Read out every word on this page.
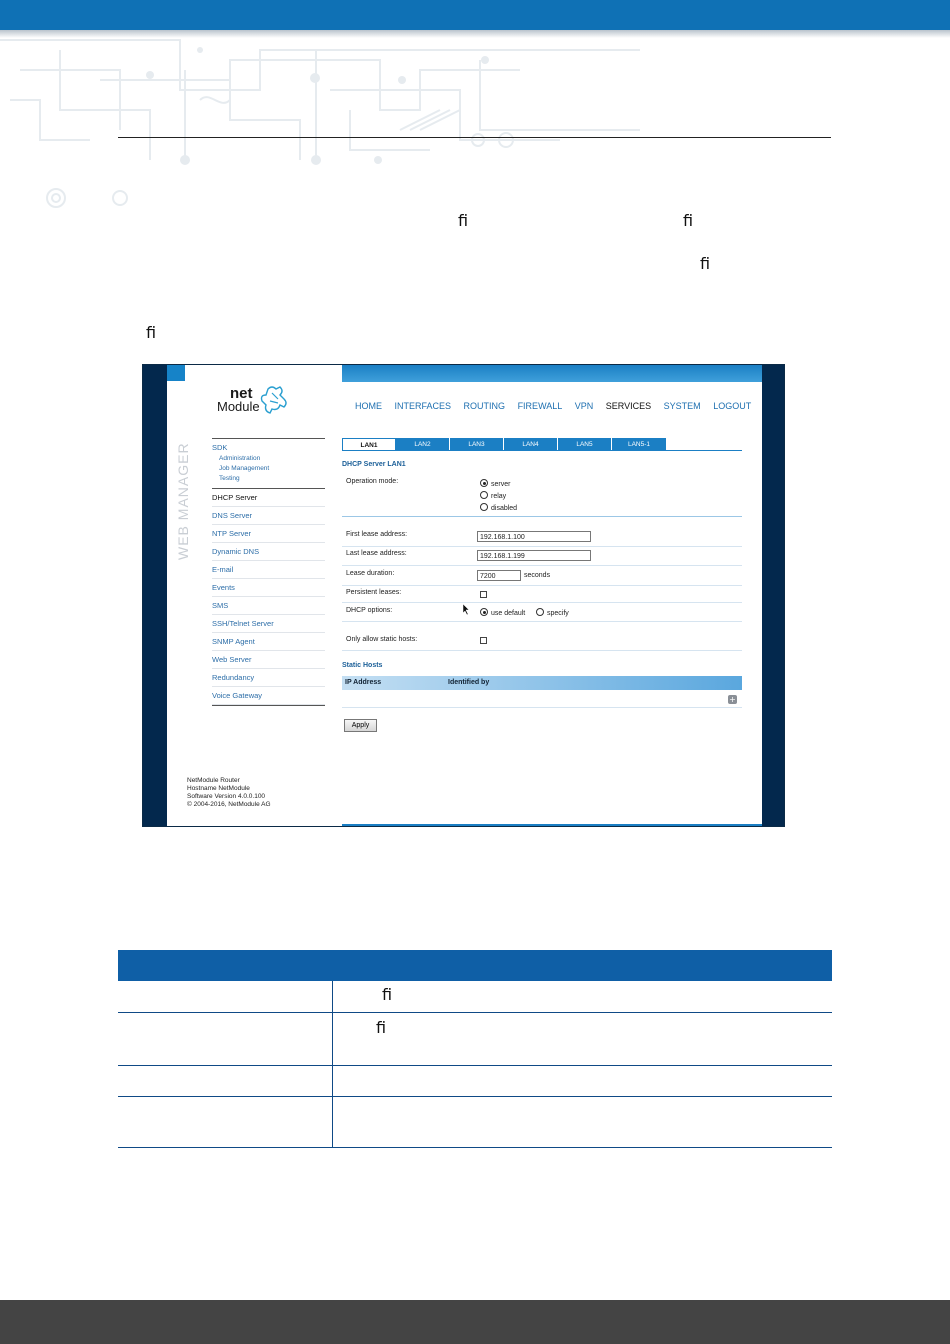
ﬁ	ﬁ
ﬁ
ﬁ
net
Module
WEB MANAGER	SDK
Administration
Job Management
Testing
DHCP Server
DNS Server
NTP Server
Dynamic DNS
E-mail
Events
SMS
SSH/Telnet Server
SNMP Agent
Web Server
Redundancy
Voice Gateway
NetModule Router
Hostname NetModule
Software Version 4.0.0.100
© 2004-2016, NetModule AG
HOME INTERFACES ROUTING FIREWALL VPN SERVICES SYSTEM LOGOUT
LAN1	LAN2	LAN3	LAN4	LAN5	LAN5-1
DHCP Server LAN1
Operation mode:	server
relay
disabled
First lease address:	192.168.1.100
Last lease address:	192.168.1.199
Lease duration:	7200	seconds
Persistent leases:
DHCP options:	use default	specify
Only allow static hosts:
Static Hosts
IP Address	Identified by
+
Apply

	ﬁ

	ﬁ
